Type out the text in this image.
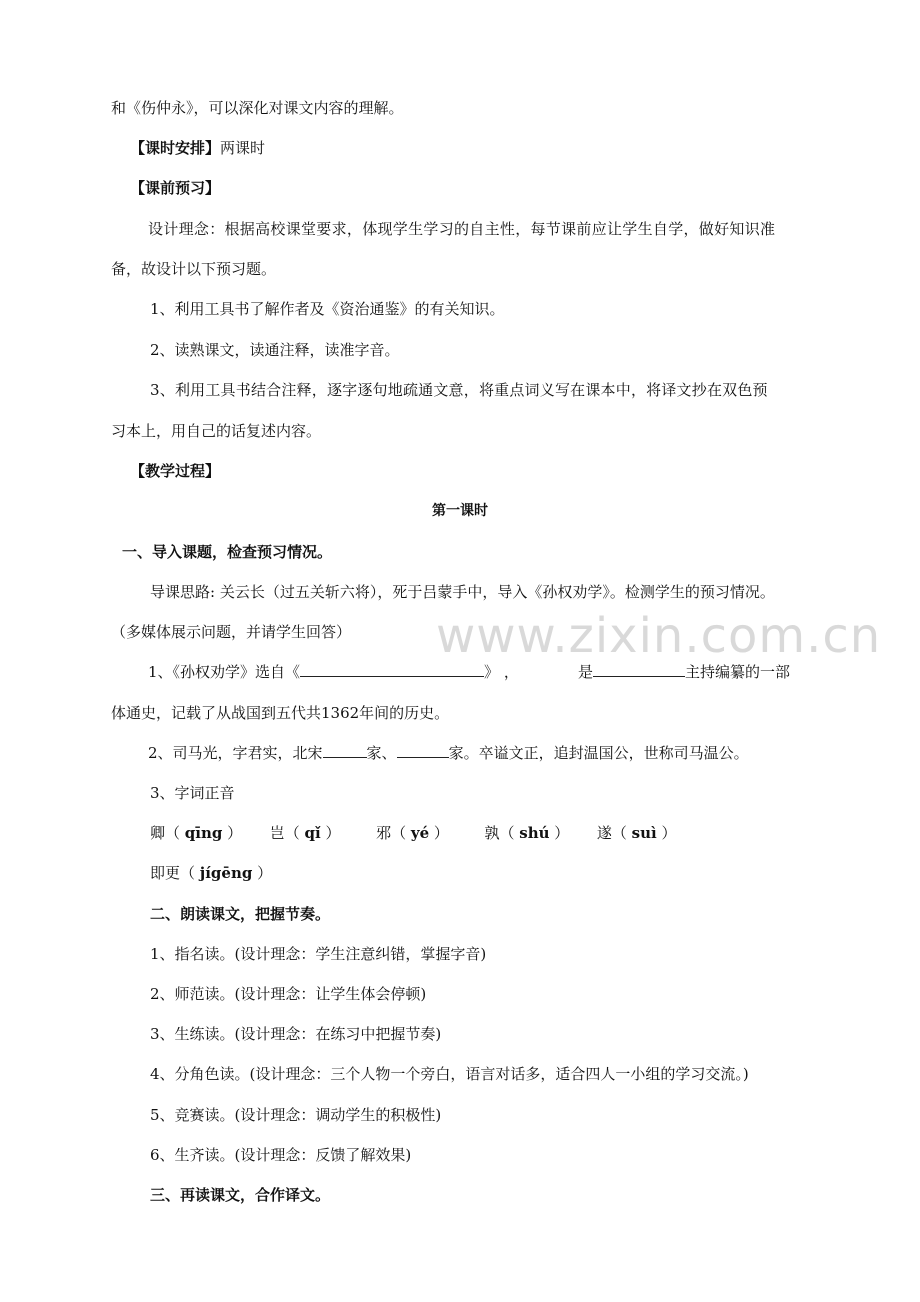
www.zixin.com.cn
和《伤仲永》，可以深化对课文内容的理解。
【课时安排】两课时
【课前预习】
设计理念：根据高校课堂要求，体现学生学习的自主性，每节课前应让学生自学，做好知识准
备，故设计以下预习题。
1、利用工具书了解作者及《资治通鉴》的有关知识。
2、读熟课文，读通注释，读准字音。
3、利用工具书结合注释，逐字逐句地疏通文意，将重点词义写在课本中，将译文抄在双色预
习本上，用自己的话复述内容。
【教学过程】
第一课时
一、导入课题，检查预习情况。
导课思路: 关云长（过五关斩六将），死于吕蒙手中，导入《孙权劝学》。检测学生的预习情况。
（多媒体展示问题，并请学生回答）
1、《孙权劝学》选自《	》 ，	是	主持编纂的一部
体通史，记载了从战国到五代共1362年间的历史。
2、司马光，字君实，北宋	家、	家。卒谥文正，追封温国公，世称司马温公。
3、字词正音
卿（ qīng ） 岂（ qǐ ） 邪（ yé ） 孰（ shú ） 遂（ suì ）
即更（ jígēng ）
二、朗读课文，把握节奏。
1、指名读。(设计理念：学生注意纠错，掌握字音)
2、师范读。(设计理念：让学生体会停顿)
3、生练读。(设计理念：在练习中把握节奏)
4、分角色读。(设计理念：三个人物一个旁白，语言对话多，适合四人一小组的学习交流。)
5、竞赛读。(设计理念：调动学生的积极性)
6、生齐读。(设计理念：反馈了解效果)
三、再读课文，合作译文。
